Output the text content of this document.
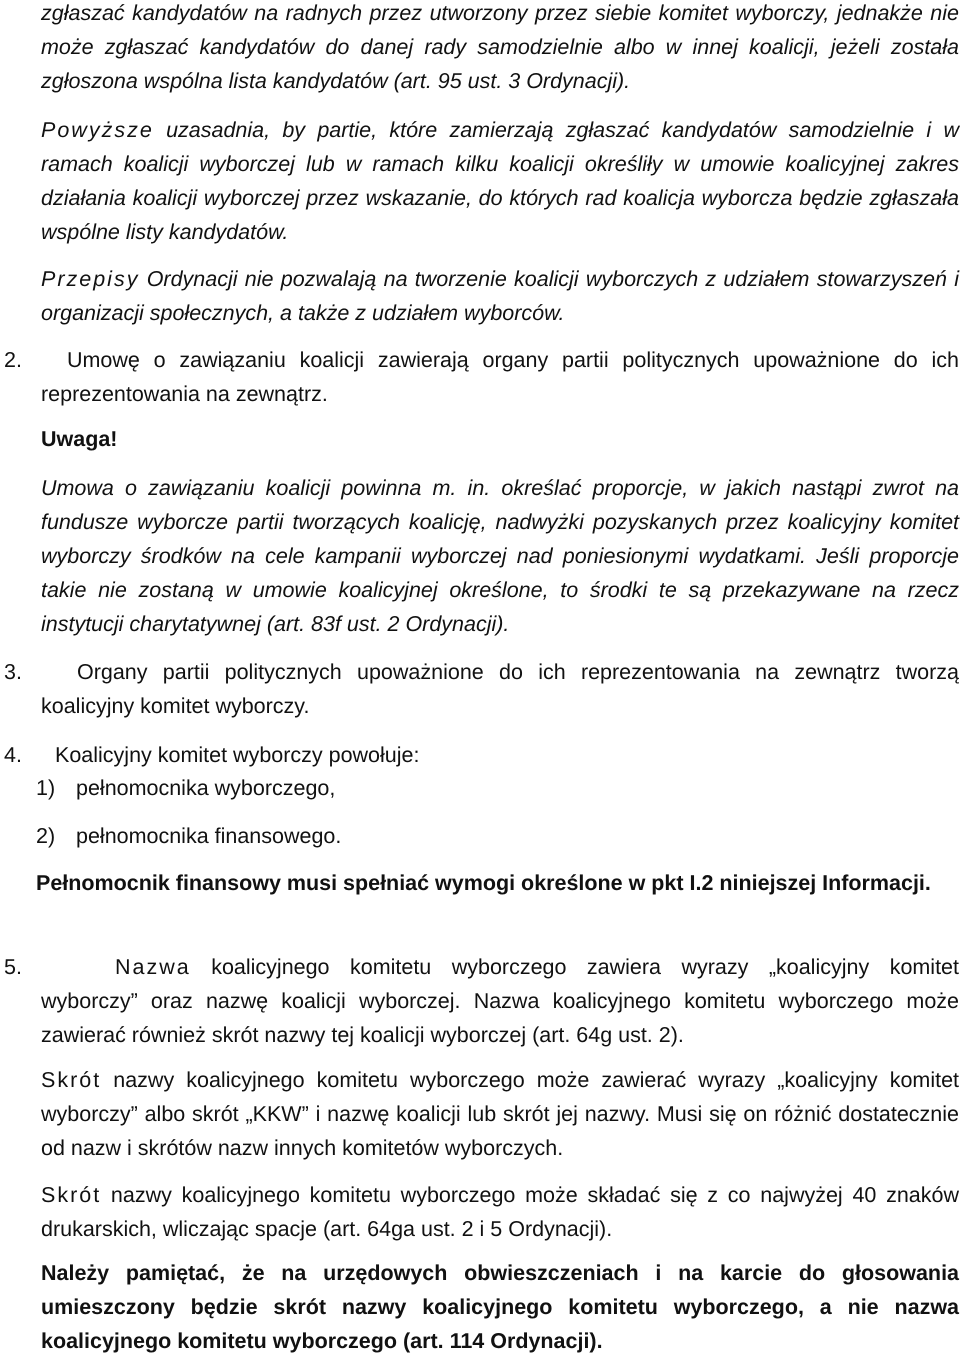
zgłaszać kandydatów na radnych przez utworzony przez siebie komitet wyborczy, jednakże nie może zgłaszać kandydatów do danej rady samodzielnie albo w innej koalicji, jeżeli została zgłoszona wspólna lista kandydatów (art. 95 ust. 3 Ordynacji).

Powyższe uzasadnia, by partie, które zamierzają zgłaszać kandydatów samodzielnie i w ramach koalicji wyborczej lub w ramach kilku koalicji określiły w umowie koalicyjnej zakres działania koalicji wyborczej przez wskazanie, do których rad koalicja wyborcza będzie zgłaszała wspólne listy kandydatów.

Przepisy Ordynacji nie pozwalają na tworzenie koalicji wyborczych z udziałem stowarzyszeń i organizacji społecznych, a także z udziałem wyborców.

2.	Umowę o zawiązaniu koalicji zawierają organy partii politycznych upoważnione do ich reprezentowania na zewnątrz.

Uwaga!

Umowa o zawiązaniu koalicji powinna m. in. określać proporcje, w jakich nastąpi zwrot na fundusze wyborcze partii tworzących koalicję, nadwyżki pozyskanych przez koalicyjny komitet wyborczy środków na cele kampanii wyborczej nad poniesionymi wydatkami. Jeśli proporcje takie nie zostaną w umowie koalicyjnej określone, to środki te są przekazywane na rzecz instytucji charytatywnej (art. 83f ust. 2 Ordynacji).

3.	Organy partii politycznych upoważnione do ich reprezentowania na zewnątrz tworzą koalicyjny komitet wyborczy.

4. Koalicyjny komitet wyborczy powołuje:

1) pełnomocnika wyborczego,
2) pełnomocnika finansowego.

Pełnomocnik finansowy musi spełniać wymogi określone w pkt I.2 niniejszej Informacji.

5.	Nazwa koalicyjnego komitetu wyborczego zawiera wyrazy „koalicyjny komitet wyborczy” oraz nazwę koalicji wyborczej. Nazwa koalicyjnego komitetu wyborczego może zawierać również skrót nazwy tej koalicji wyborczej (art. 64g ust. 2).

Skrót nazwy koalicyjnego komitetu wyborczego może zawierać wyrazy „koalicyjny komitet wyborczy” albo skrót „KKW” i nazwę koalicji lub skrót jej nazwy. Musi się on różnić dostatecznie od nazw i skrótów nazw innych komitetów wyborczych.

Skrót nazwy koalicyjnego komitetu wyborczego może składać się z co najwyżej 40 znaków drukarskich, wliczając spacje (art. 64ga ust. 2 i 5 Ordynacji).

Należy pamiętać, że na urzędowych obwieszczeniach i na karcie do głosowania umieszczony będzie skrót nazwy koalicyjnego komitetu wyborczego, a nie nazwa koalicyjnego komitetu wyborczego (art. 114 Ordynacji).
